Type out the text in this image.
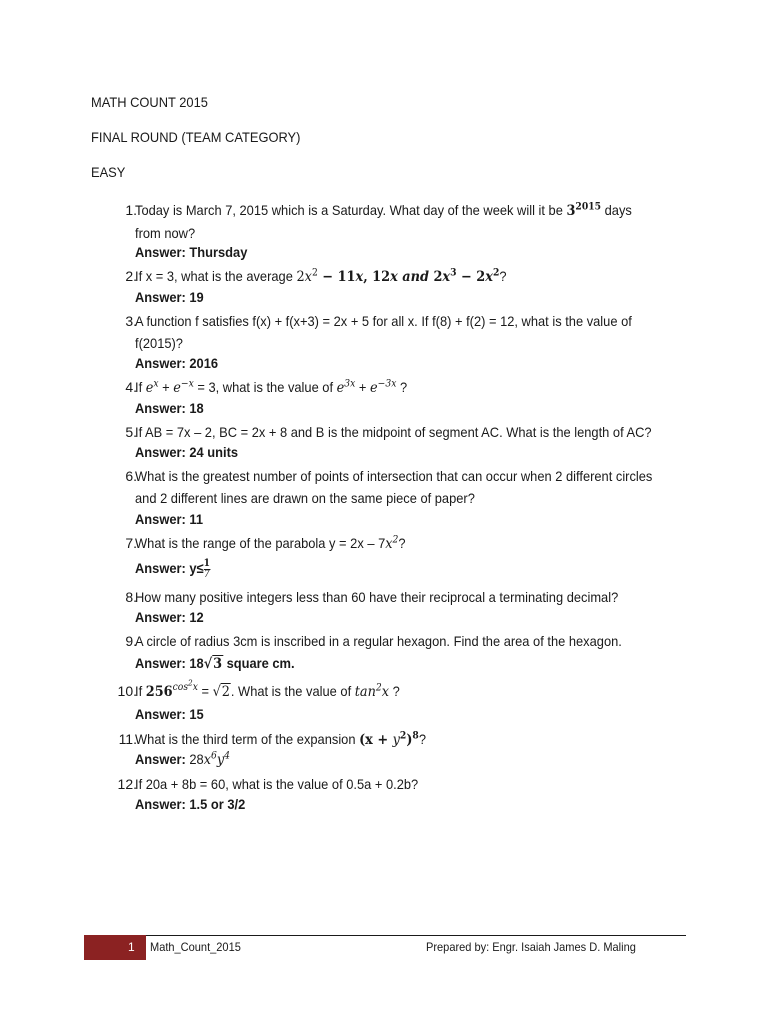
MATH COUNT 2015
FINAL ROUND (TEAM CATEGORY)
EASY
1.
Today is March 7, 2015 which is a Saturday. What day of the week will it be $3^{2015}$ days
from now?
Answer: Thursday
2.
If x = 3, what is the average $2x^2 - 11x$, 12x and $2x^3 - 2x^2$?
Answer: 19
3.
A function f satisfies f(x) + f(x+3) = 2x + 5 for all x. If f(8) + f(2) = 12, what is the value of
f(2015)?
Answer: 2016
4.
If $e^x + e^{-x} = 3$, what is the value of $e^{3x} + e^{-3x}$ ?
Answer: 18
5.
If AB = 7x – 2, BC = 2x + 8 and B is the midpoint of segment AC. What is the length of AC?
Answer: 24 units
6.
What is the greatest number of points of intersection that can occur when 2 different circles
and 2 different lines are drawn on the same piece of paper?
Answer: 11
7.
What is the range of the parabola $y = 2x - 7x^2$?
Answer: $y\le \frac{1}{7}$
8.
How many positive integers less than 60 have their reciprocal a terminating decimal?
Answer: 12
9.
A circle of radius 3cm is inscribed in a regular hexagon. Find the area of the hexagon.
Answer: 18√3 square cm.
10.
If $256^{cos^2x} = √2$. What is the value of $\tan^2x$ ?
Answer: 15
11.
What is the third term of the expansion $(x + y^2)^8$?
Answer: $28x^6y^4$
12.
If 20a + 8b = 60, what is the value of 0.5a + 0.2b?
Answer: 1.5 or 3/2
1 Math_Count_2015	Prepared by: Engr. Isaiah James D. Maling
